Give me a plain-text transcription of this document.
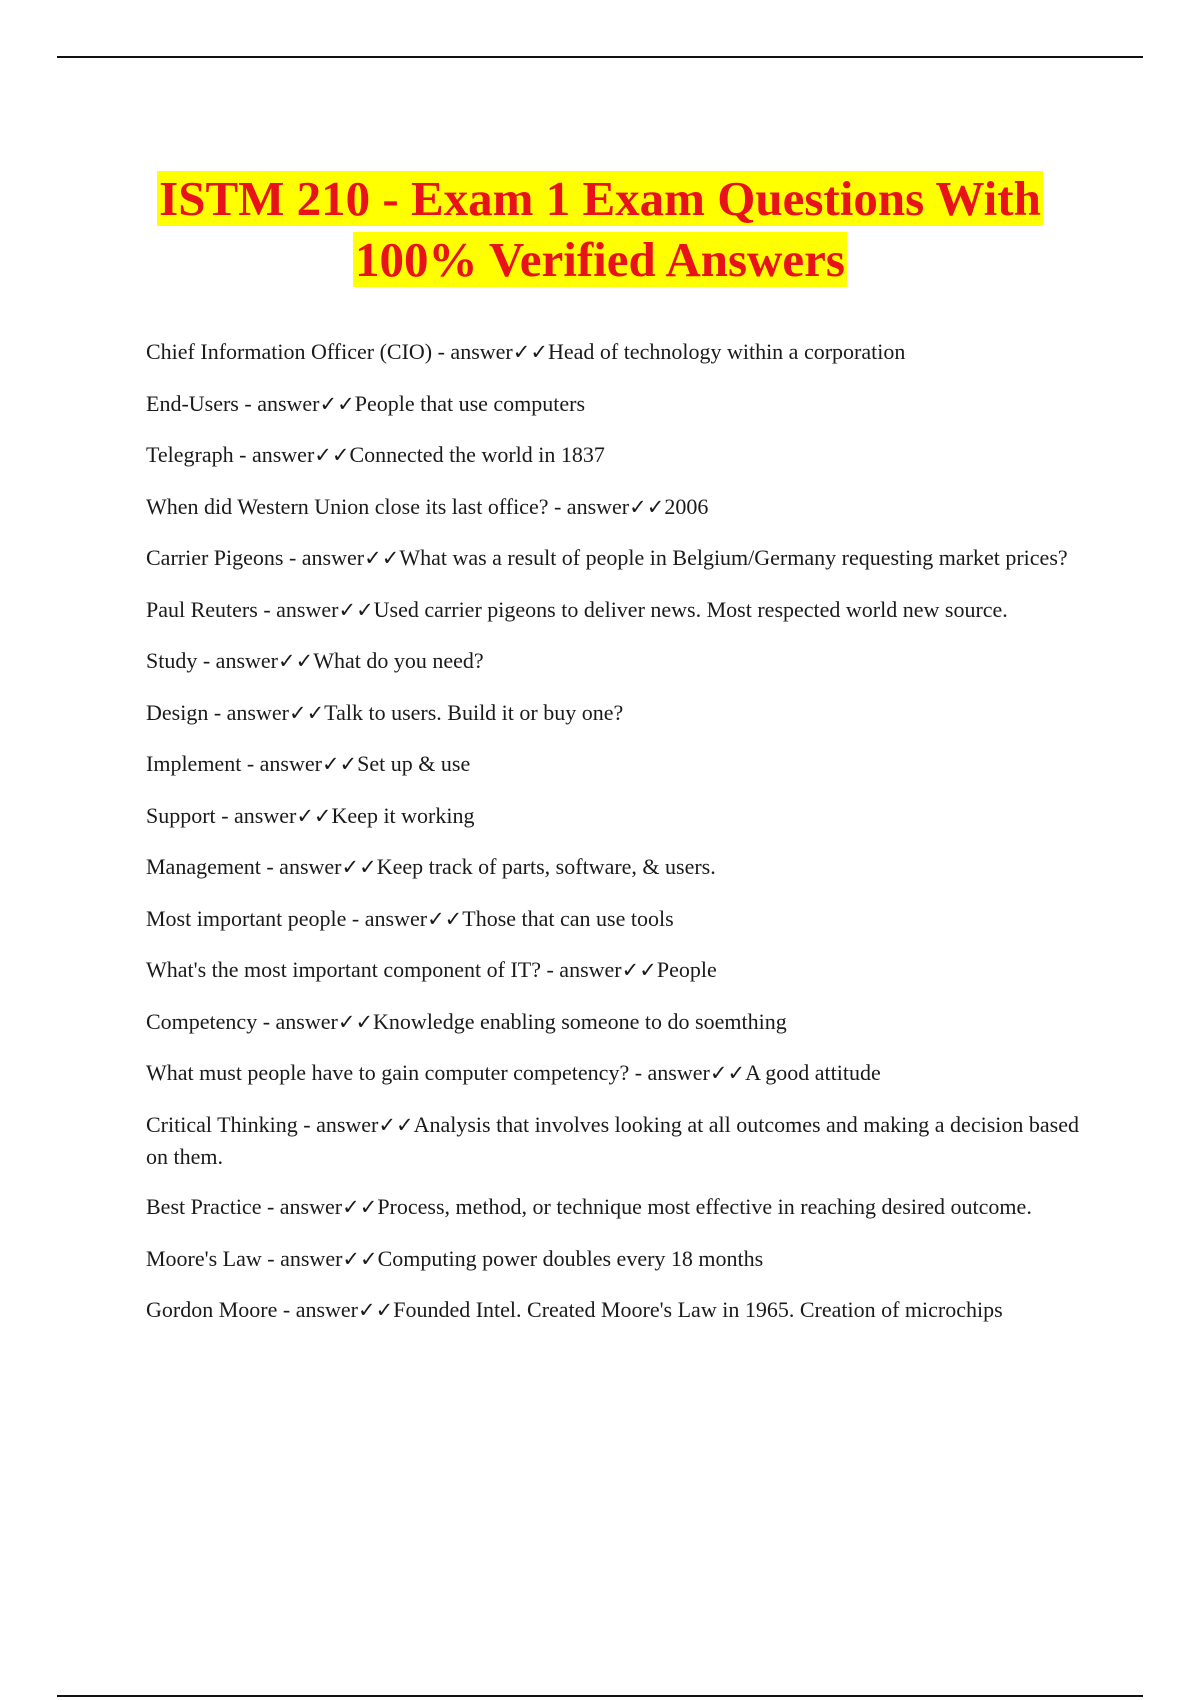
ISTM 210 - Exam 1 Exam Questions With
100% Verified Answers
Chief Information Officer (CIO) - answer✓✓Head of technology within a corporation
End-Users - answer✓✓People that use computers
Telegraph - answer✓✓Connected the world in 1837
When did Western Union close its last office? - answer✓✓2006
Carrier Pigeons - answer✓✓What was a result of people in Belgium/Germany requesting market prices?
Paul Reuters - answer✓✓Used carrier pigeons to deliver news. Most respected world new source.
Study - answer✓✓What do you need?
Design - answer✓✓Talk to users. Build it or buy one?
Implement - answer✓✓Set up & use
Support - answer✓✓Keep it working
Management - answer✓✓Keep track of parts, software, & users.
Most important people - answer✓✓Those that can use tools
What's the most important component of IT? - answer✓✓People
Competency - answer✓✓Knowledge enabling someone to do soemthing
What must people have to gain computer competency? - answer✓✓A good attitude
Critical Thinking - answer✓✓Analysis that involves looking at all outcomes and making a decision based on them.
Best Practice - answer✓✓Process, method, or technique most effective in reaching desired outcome.
Moore's Law - answer✓✓Computing power doubles every 18 months
Gordon Moore - answer✓✓Founded Intel. Created Moore's Law in 1965. Creation of microchips
